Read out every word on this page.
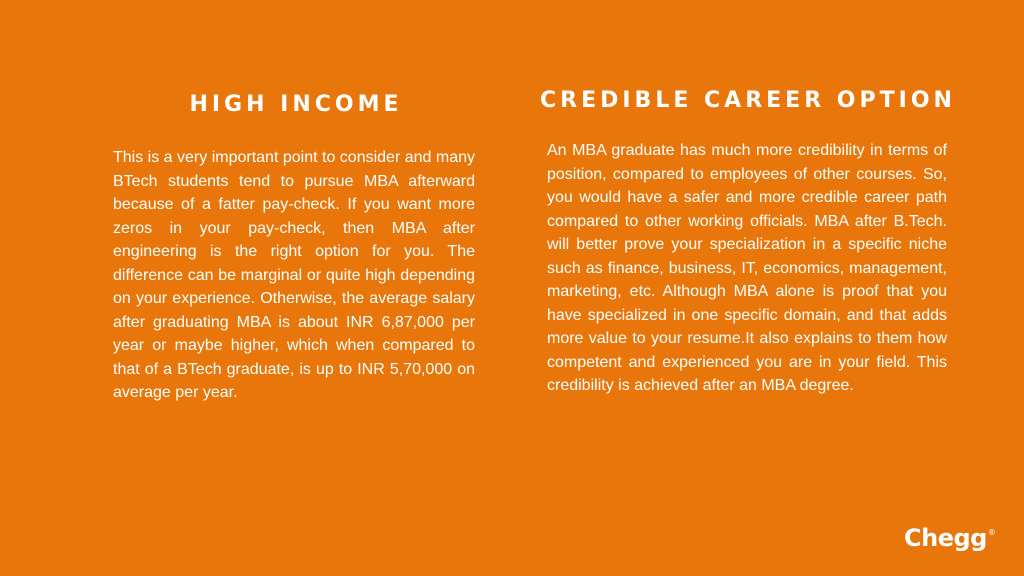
HIGH INCOME

This is a very important point to consider and many BTech students tend to pursue MBA afterward because of a fatter pay-check. If you want more zeros in your pay-check, then MBA after engineering is the right option for you. The difference can be marginal or quite high depending on your experience. Otherwise, the average salary after graduating MBA is about INR 6,87,000 per year or maybe higher, which when compared to that of a BTech graduate, is up to INR 5,70,000 on average per year.

CREDIBLE CAREER OPTION

An MBA graduate has much more credibility in terms of position, compared to employees of other courses. So, you would have a safer and more credible career path compared to other working officials. MBA after B.Tech. will better prove your specialization in a specific niche such as finance, business, IT, economics, management, marketing, etc. Although MBA alone is proof that you have specialized in one specific domain, and that adds more value to your resume.It also explains to them how competent and experienced you are in your field. This credibility is achieved after an MBA degree.

Chegg®
